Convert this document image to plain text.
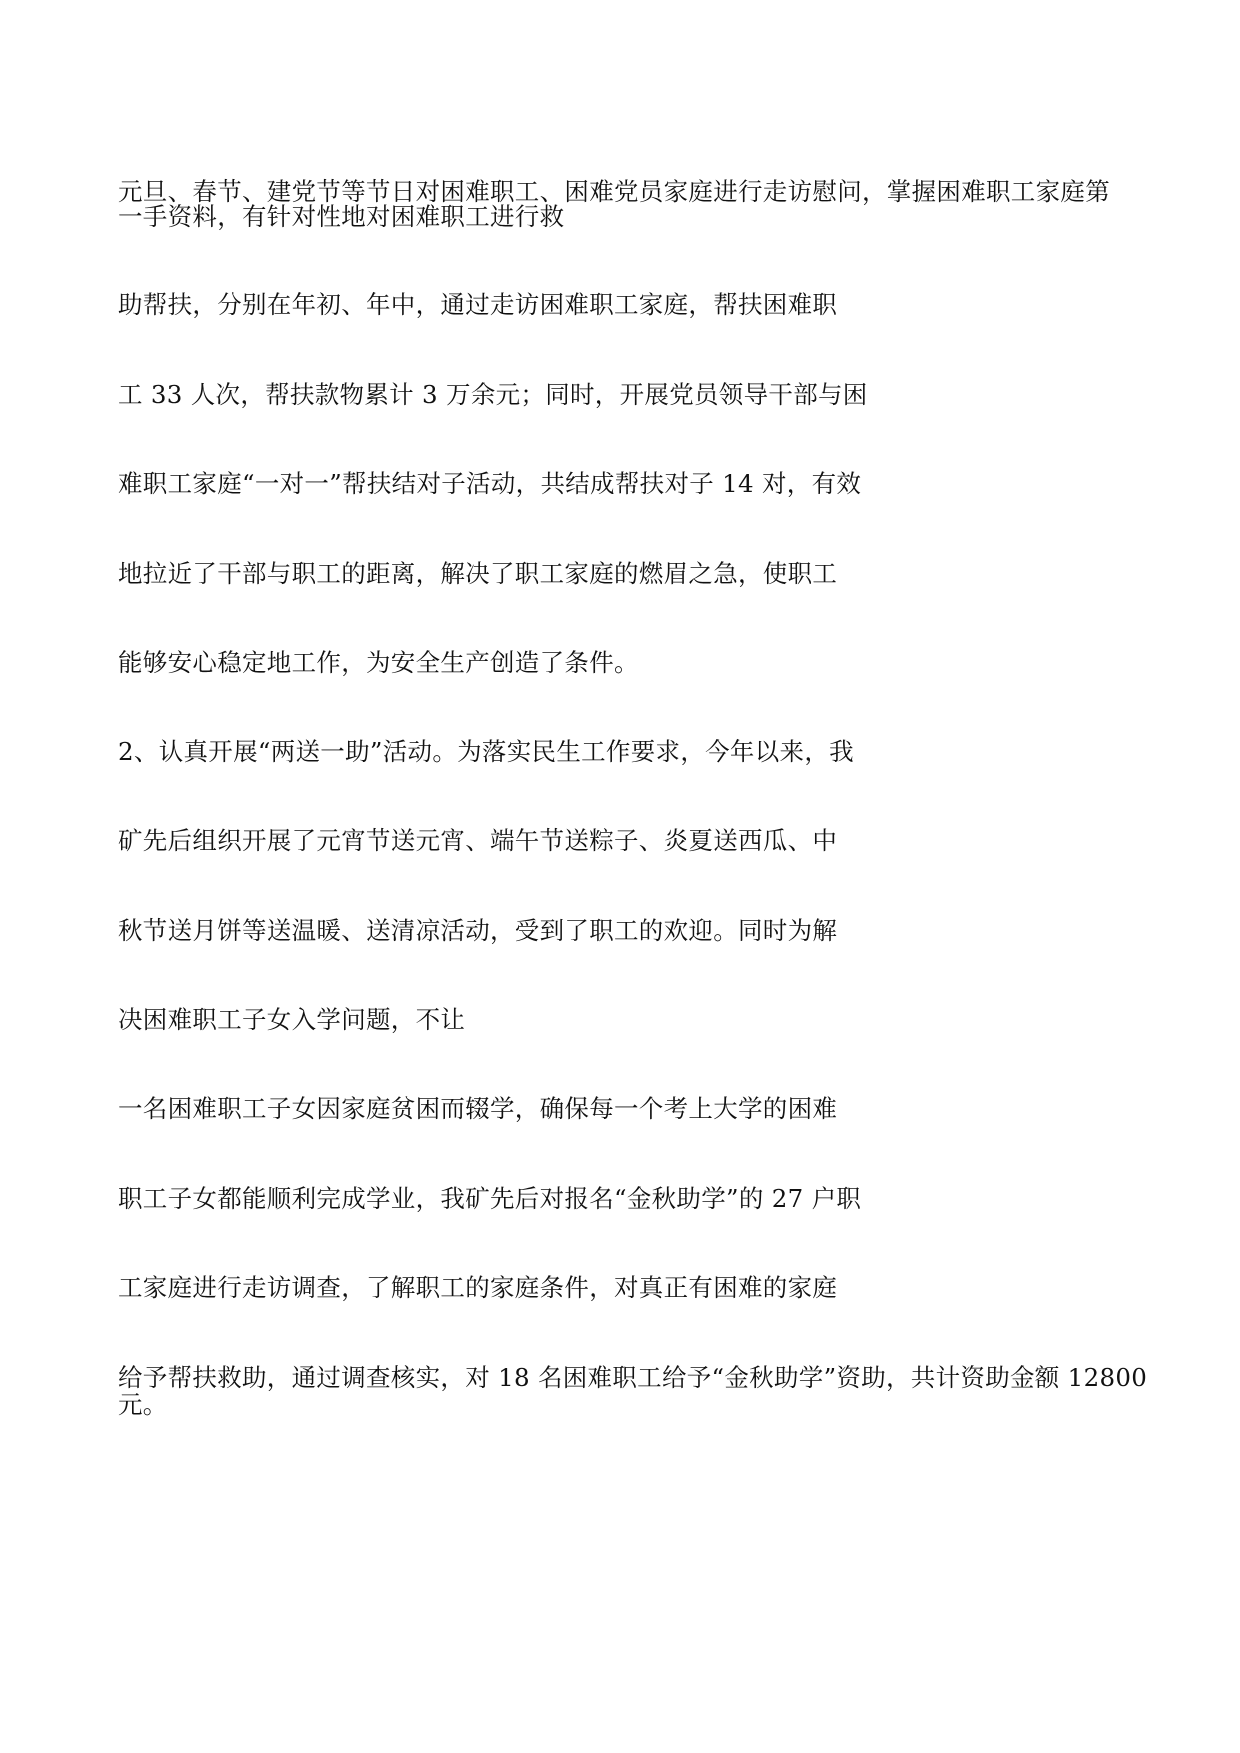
元旦、春节、建党节等节日对困难职工、困难党员家庭进行走访慰问，掌握困难职工家庭第
一手资料，有针对性地对困难职工进行救
助帮扶，分别在年初、年中，通过走访困难职工家庭，帮扶困难职
工 33 人次，帮扶款物累计 3 万余元；同时，开展党员领导干部与困
难职工家庭“一对一”帮扶结对子活动，共结成帮扶对子 14 对，有效
地拉近了干部与职工的距离，解决了职工家庭的燃眉之急，使职工
能够安心稳定地工作，为安全生产创造了条件。
2、认真开展“两送一助”活动。为落实民生工作要求，今年以来，我
矿先后组织开展了元宵节送元宵、端午节送粽子、炎夏送西瓜、中
秋节送月饼等送温暖、送清凉活动，受到了职工的欢迎。同时为解
决困难职工子女入学问题，不让
一名困难职工子女因家庭贫困而辍学，确保每一个考上大学的困难
职工子女都能顺利完成学业，我矿先后对报名“金秋助学”的 27 户职
工家庭进行走访调查，了解职工的家庭条件，对真正有困难的家庭
给予帮扶救助，通过调查核实，对 18 名困难职工给予“金秋助学”资助，共计资助金额 12800
元。
